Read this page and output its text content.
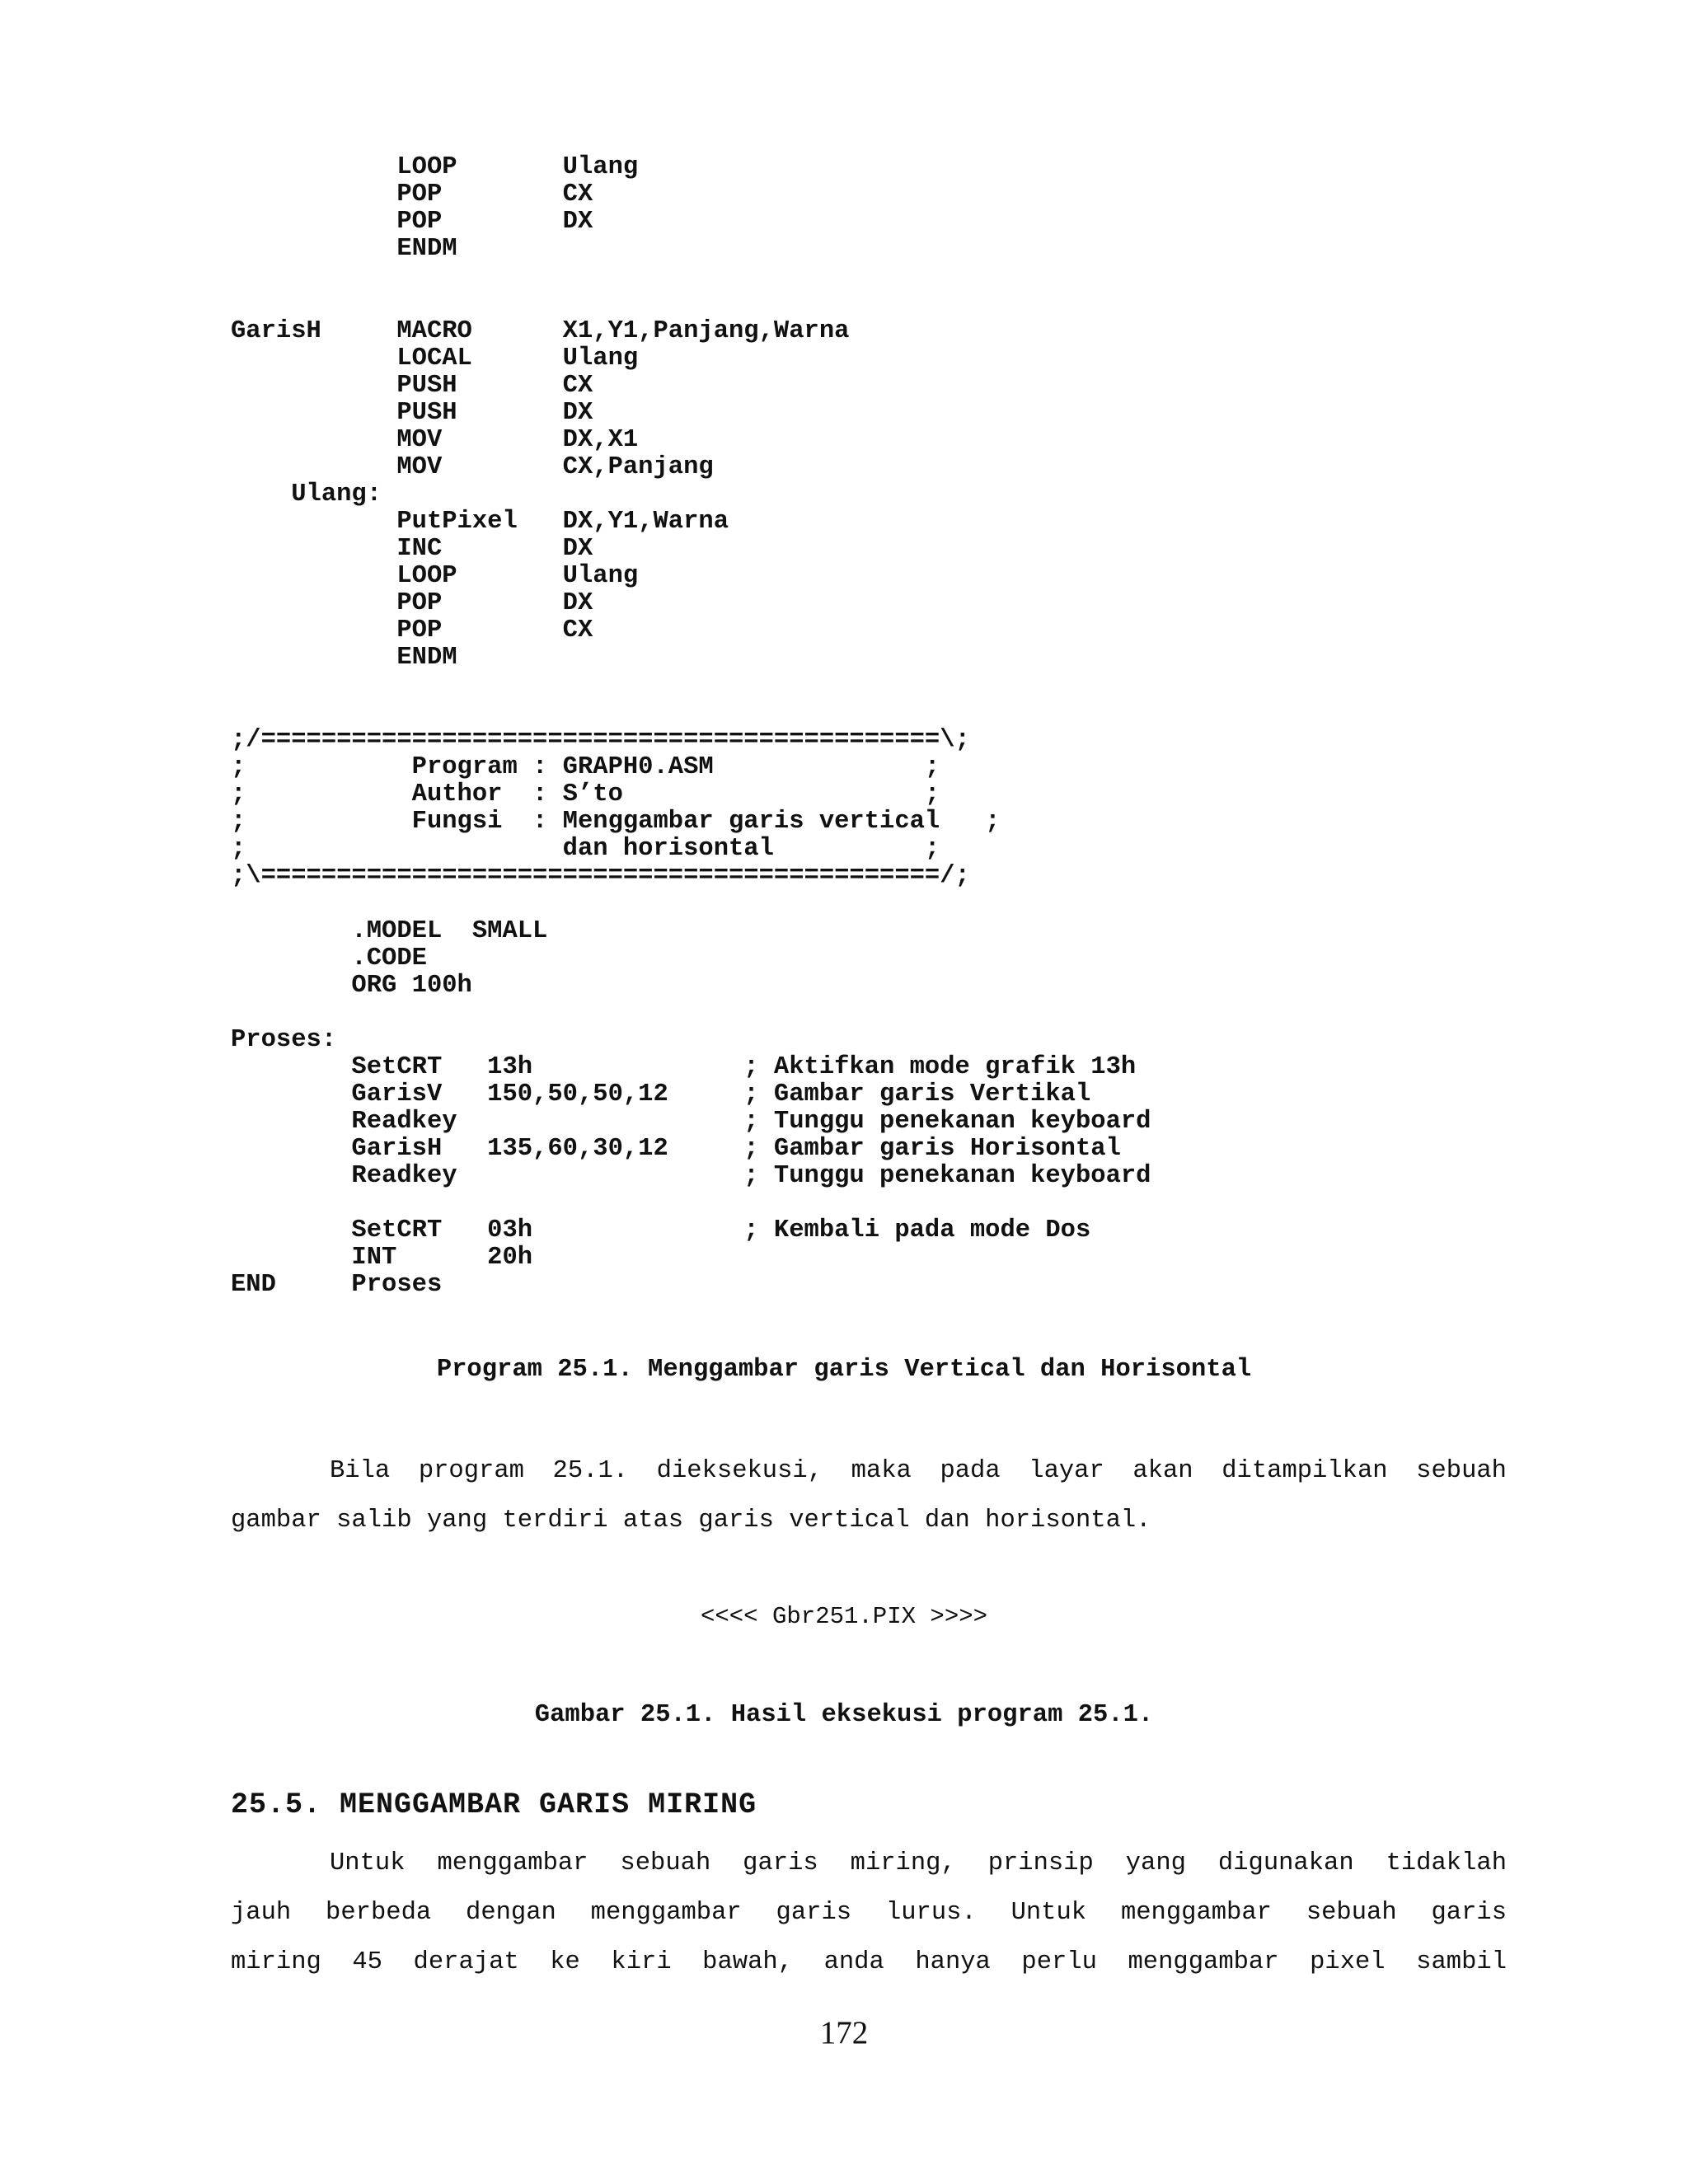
LOOP       Ulang
POP        CX
POP        DX
ENDM
GarisH     MACRO      X1,Y1,Panjang,Warna
LOCAL      Ulang
PUSH       CX
PUSH       DX
MOV        DX,X1
MOV        CX,Panjang
Ulang:
PutPixel   DX,Y1,Warna
INC        DX
LOOP       Ulang
POP        DX
POP        CX
ENDM
;/=============================================\;
;           Program : GRAPH0.ASM              ;
;           Author  : S’to                    ;
;           Fungsi  : Menggambar garis vertical   ;
;                     dan horisontal          ;
;\=============================================/;
.MODEL  SMALL
.CODE
ORG 100h

Proses:
SetCRT   13h              ; Aktifkan mode grafik 13h
GarisV   150,50,50,12     ; Gambar garis Vertikal
Readkey                   ; Tunggu penekanan keyboard
GarisH   135,60,30,12     ; Gambar garis Horisontal
Readkey                   ; Tunggu penekanan keyboard

SetCRT   03h              ; Kembali pada mode Dos
INT      20h
END     Proses
Program 25.1. Menggambar garis Vertical dan Horisontal

Bila program 25.1. dieksekusi, maka pada layar akan ditampilkan sebuah
gambar salib yang terdiri atas garis vertical dan horisontal.

<<<< Gbr251.PIX >>>>
Gambar 25.1. Hasil eksekusi program 25.1.
25.5. MENGGAMBAR GARIS MIRING

Untuk menggambar sebuah garis miring, prinsip yang digunakan tidaklah
jauh berbeda dengan menggambar garis lurus. Untuk menggambar sebuah garis
miring 45 derajat ke kiri bawah, anda hanya perlu menggambar pixel sambil

172
